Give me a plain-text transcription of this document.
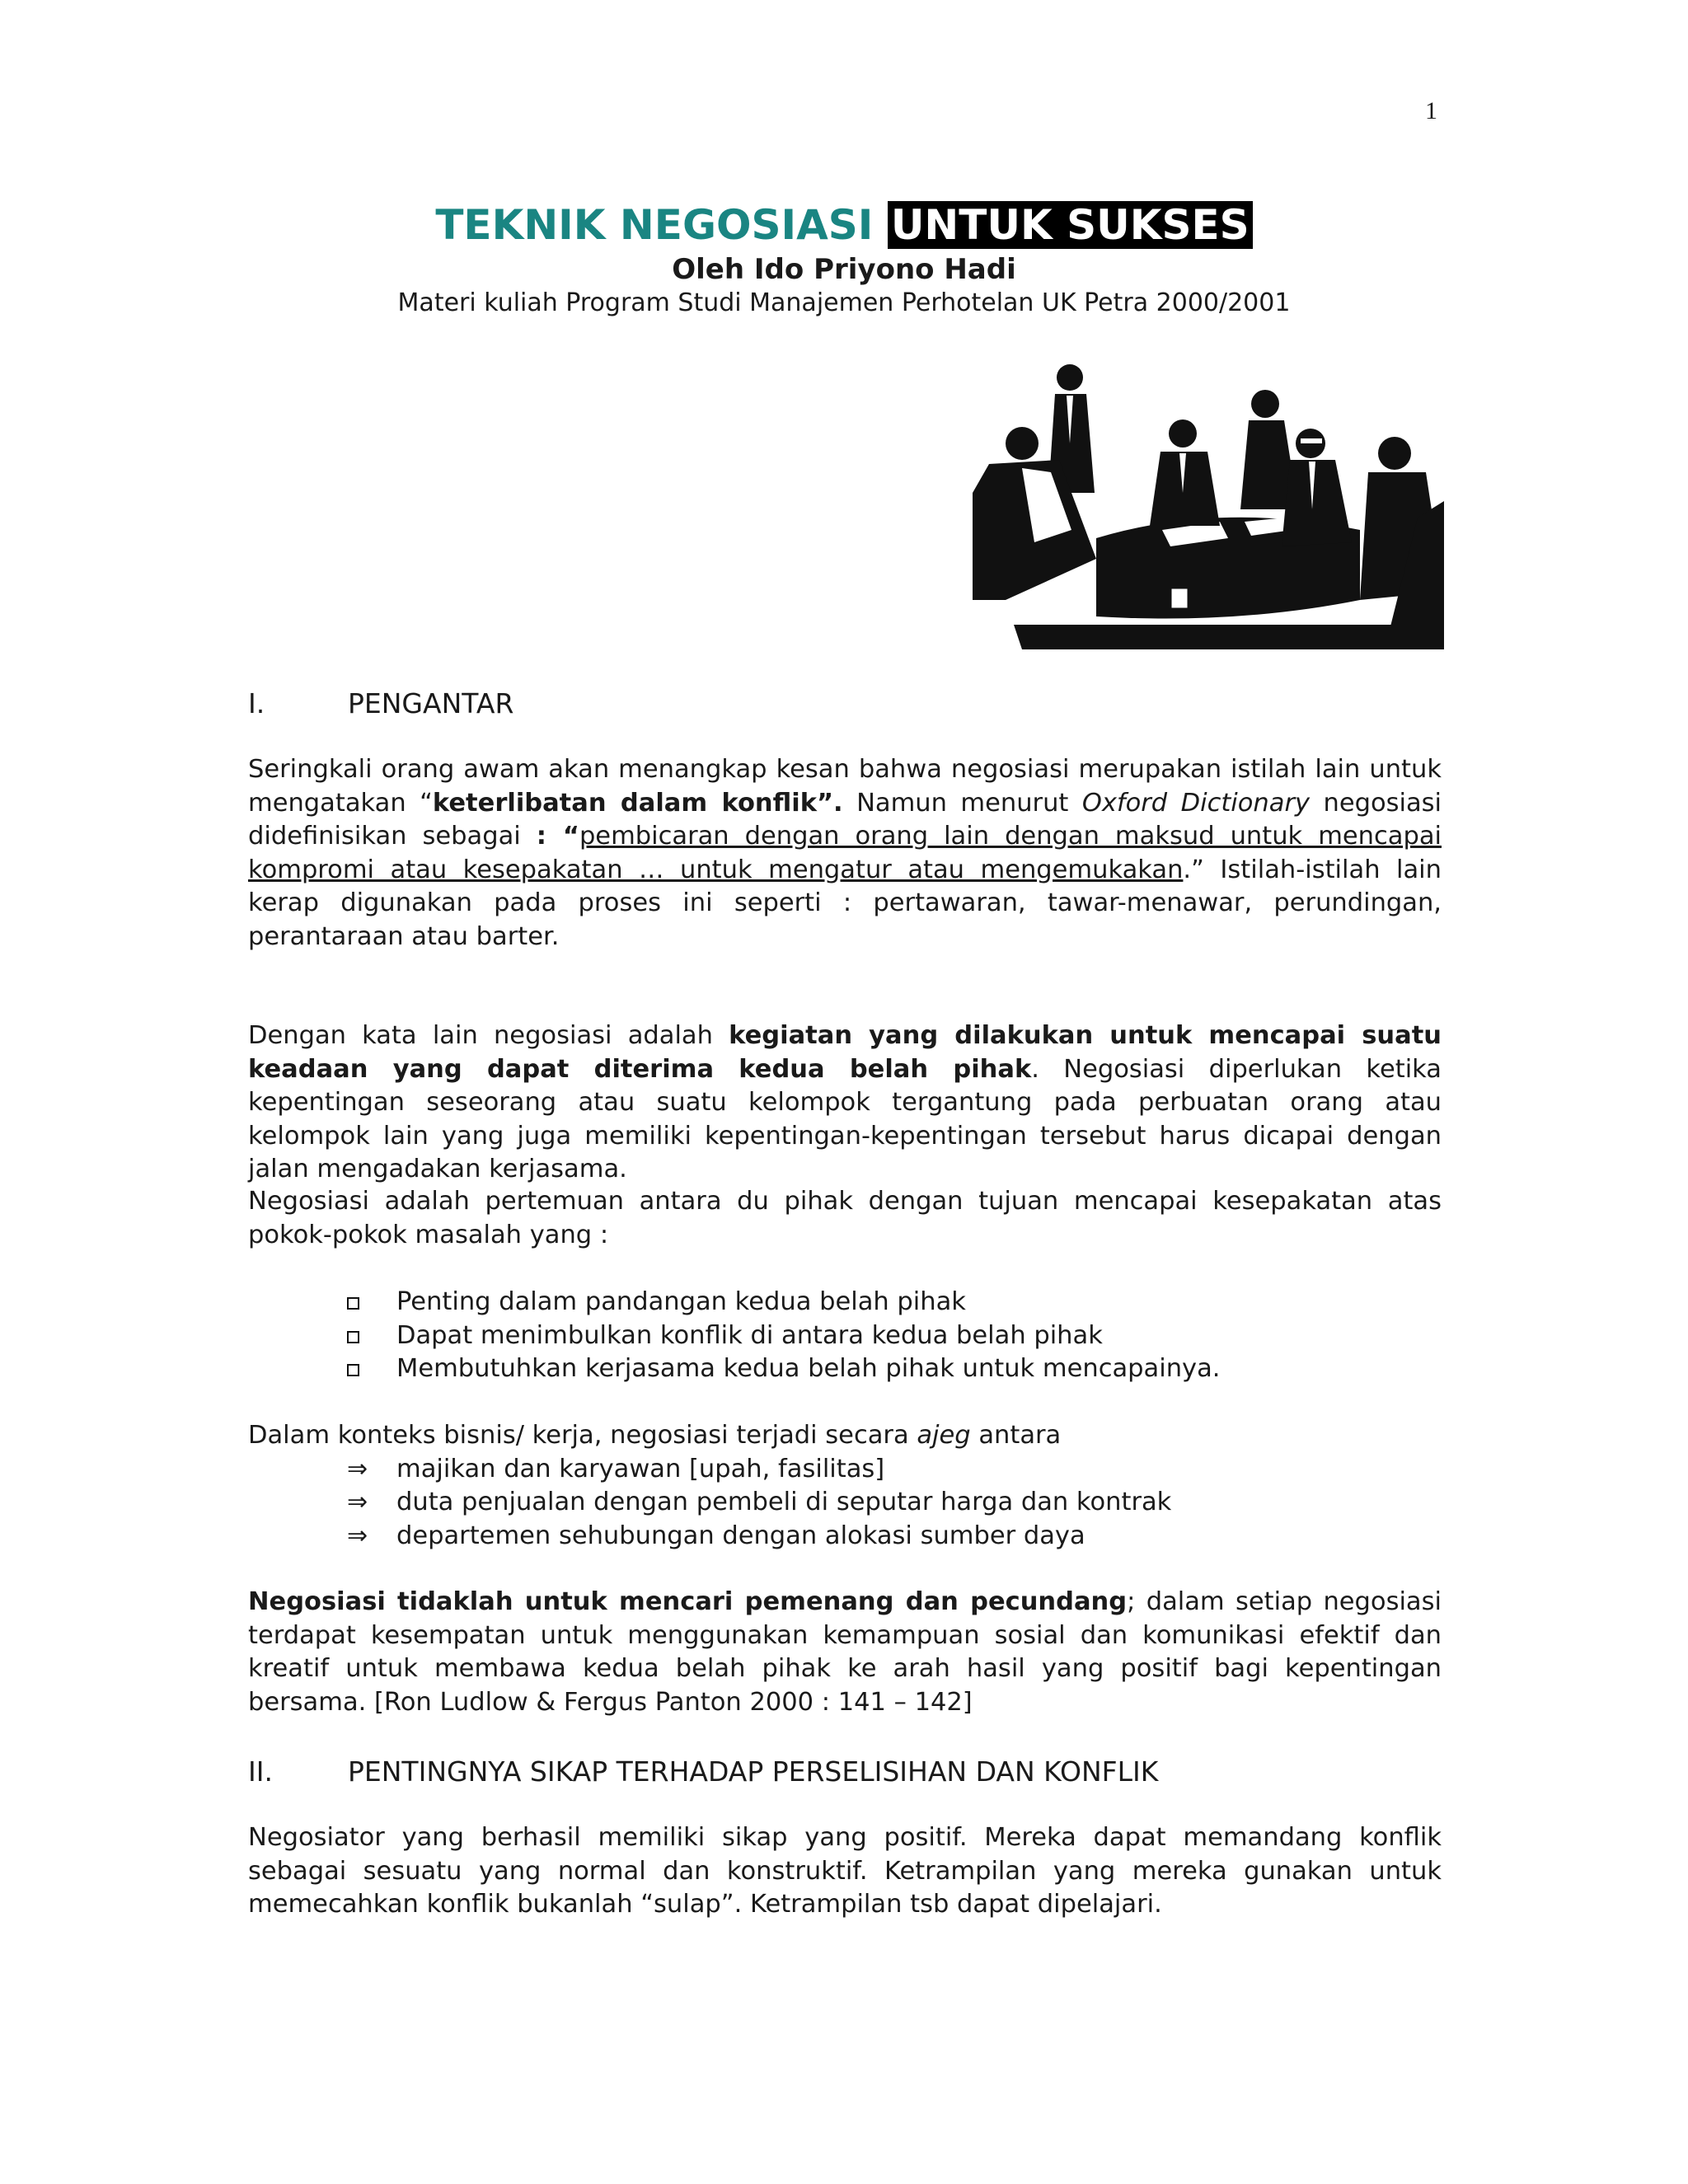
1
TEKNIK NEGOSIASI UNTUK SUKSES
Oleh Ido Priyono Hadi
Materi kuliah Program Studi Manajemen Perhotelan UK Petra 2000/2001
I.	PENGANTAR

Seringkali orang awam akan menangkap kesan bahwa negosiasi merupakan istilah lain untuk mengatakan “keterlibatan dalam konflik”. Namun menurut Oxford Dictionary negosiasi didefinisikan sebagai : “pembicaran dengan orang lain dengan maksud untuk mencapai kompromi atau kesepakatan … untuk mengatur atau mengemukakan.” Istilah-istilah lain kerap digunakan pada proses ini seperti : pertawaran, tawar-menawar, perundingan, perantaraan atau barter.

Dengan kata lain negosiasi adalah kegiatan yang dilakukan untuk mencapai suatu keadaan yang dapat diterima kedua belah pihak. Negosiasi diperlukan ketika kepentingan seseorang atau suatu kelompok tergantung pada perbuatan orang atau kelompok lain yang juga memiliki kepentingan-kepentingan tersebut harus dicapai dengan jalan mengadakan kerjasama.

Negosiasi adalah pertemuan antara du pihak dengan tujuan mencapai kesepakatan atas pokok-pokok masalah yang :

Penting dalam pandangan kedua belah pihak
Dapat menimbulkan konflik di antara kedua belah pihak
Membutuhkan kerjasama kedua belah pihak untuk mencapainya.

Dalam konteks bisnis/ kerja, negosiasi terjadi secara ajeg antara

⇒	majikan dan karyawan [upah, fasilitas]
⇒	duta penjualan dengan pembeli di seputar harga dan kontrak
⇒	departemen sehubungan dengan alokasi sumber daya

Negosiasi tidaklah untuk mencari pemenang dan pecundang; dalam setiap negosiasi terdapat kesempatan untuk menggunakan kemampuan sosial dan komunikasi efektif dan kreatif untuk membawa kedua belah pihak ke arah hasil yang positif bagi kepentingan bersama. [Ron Ludlow & Fergus Panton 2000 : 141 – 142]

II.	PENTINGNYA SIKAP TERHADAP PERSELISIHAN DAN KONFLIK

Negosiator yang berhasil memiliki sikap yang positif. Mereka dapat memandang konflik sebagai sesuatu yang normal dan konstruktif. Ketrampilan yang mereka gunakan untuk memecahkan konflik bukanlah “sulap”. Ketrampilan tsb dapat dipelajari.
